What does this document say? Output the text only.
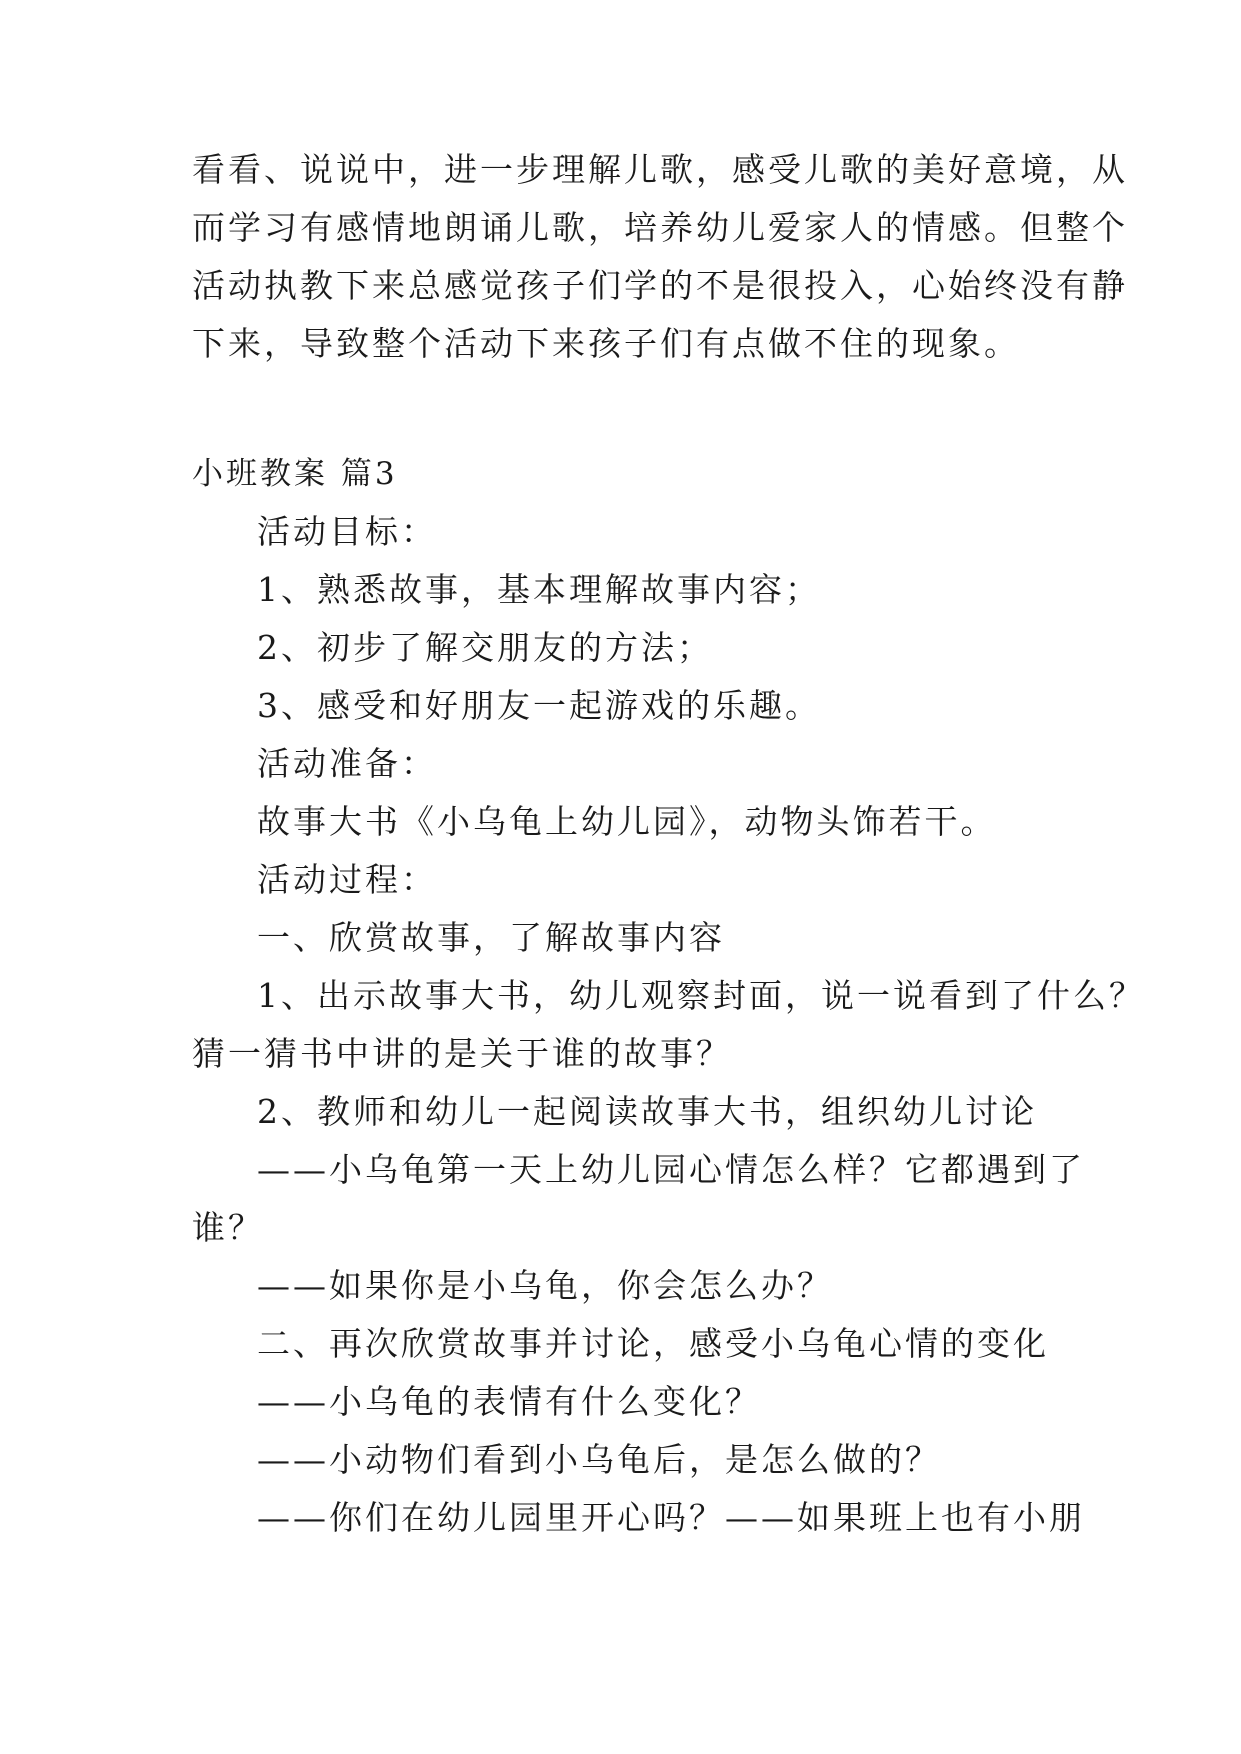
看看、说说中，进一步理解儿歌，感受儿歌的美好意境，从
而学习有感情地朗诵儿歌，培养幼儿爱家人的情感。但整个
活动执教下来总感觉孩子们学的不是很投入，心始终没有静
下来，导致整个活动下来孩子们有点做不住的现象。
小班教案 篇3
活动目标：
1、熟悉故事，基本理解故事内容；
2、初步了解交朋友的方法；
3、感受和好朋友一起游戏的乐趣。
活动准备：
故事大书《小乌龟上幼儿园》，动物头饰若干。
活动过程：
一、欣赏故事，了解故事内容
1、出示故事大书，幼儿观察封面，说一说看到了什么？
猜一猜书中讲的是关于谁的故事？
2、教师和幼儿一起阅读故事大书，组织幼儿讨论
——小乌龟第一天上幼儿园心情怎么样？它都遇到了
谁？
——如果你是小乌龟，你会怎么办？
二、再次欣赏故事并讨论，感受小乌龟心情的变化
——小乌龟的表情有什么变化？
——小动物们看到小乌龟后，是怎么做的？
——你们在幼儿园里开心吗？——如果班上也有小朋
